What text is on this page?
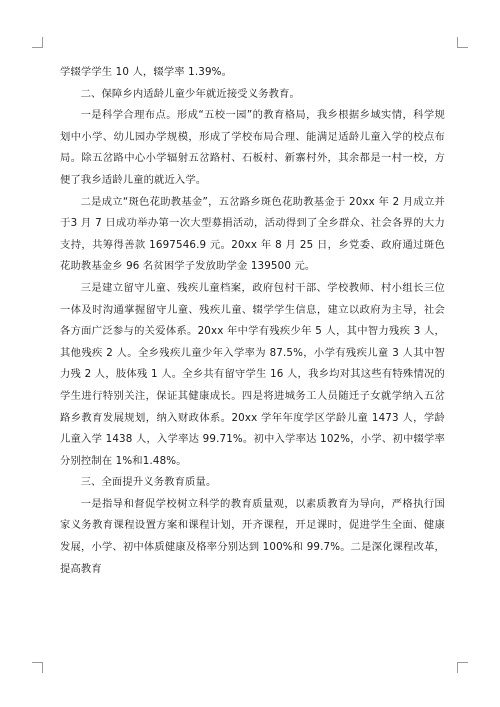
学辍学学生 10 人，辍学率 1.39%。

二、保障乡内适龄儿童少年就近接受义务教育。

一是科学合理布点。形成“五校一园”的教育格局，我乡根据乡域实情，科学规划中小学、幼儿园办学规模，形成了学校布局合理、能满足适龄儿童入学的校点布局。除五岔路中心小学辐射五岔路村、石板村、新寨村外，其余都是一村一校，方便了我乡适龄儿童的就近入学。

二是成立“斑色花助教基金”，五岔路乡斑色花助教基金于 20xx 年 2 月成立并于3 月 7 日成功举办第一次大型募捐活动，活动得到了全乡群众、社会各界的大力支持，共筹得善款 1697546.9 元。20xx 年 8 月 25 日，乡党委、政府通过斑色花助教基金乡 96 名贫困学子发放助学金 139500 元。

三是建立留守儿童、残疾儿童档案，政府包村干部、学校教师、村小组长三位一体及时沟通掌握留守儿童、残疾儿童、辍学学生信息，建立以政府为主导，社会各方面广泛参与的关爱体系。20xx 年中学有残疾少年 5 人，其中智力残疾 3 人，其他残疾 2 人。全乡残疾儿童少年入学率为 87.5%，小学有残疾儿童 3 人其中智力残 2 人，肢体残 1 人。全乡共有留守学生 16 人，我乡均对其这些有特殊情况的学生进行特别关注，保证其健康成长。四是将进城务工人员随迁子女就学纳入五岔路乡教育发展规划，纳入财政体系。20xx 学年年度学区学龄儿童 1473 人，学龄儿童入学 1438 人，入学率达 99.71%。初中入学率达 102%，小学、初中辍学率分别控制在 1%和1.48%。

三、全面提升义务教育质量。

一是指导和督促学校树立科学的教育质量观，以素质教育为导向，严格执行国家义务教育课程设置方案和课程计划，开齐课程，开足课时，促进学生全面、健康发展，小学、初中体质健康及格率分别达到 100%和 99.7%。二是深化课程改革，提高教育
